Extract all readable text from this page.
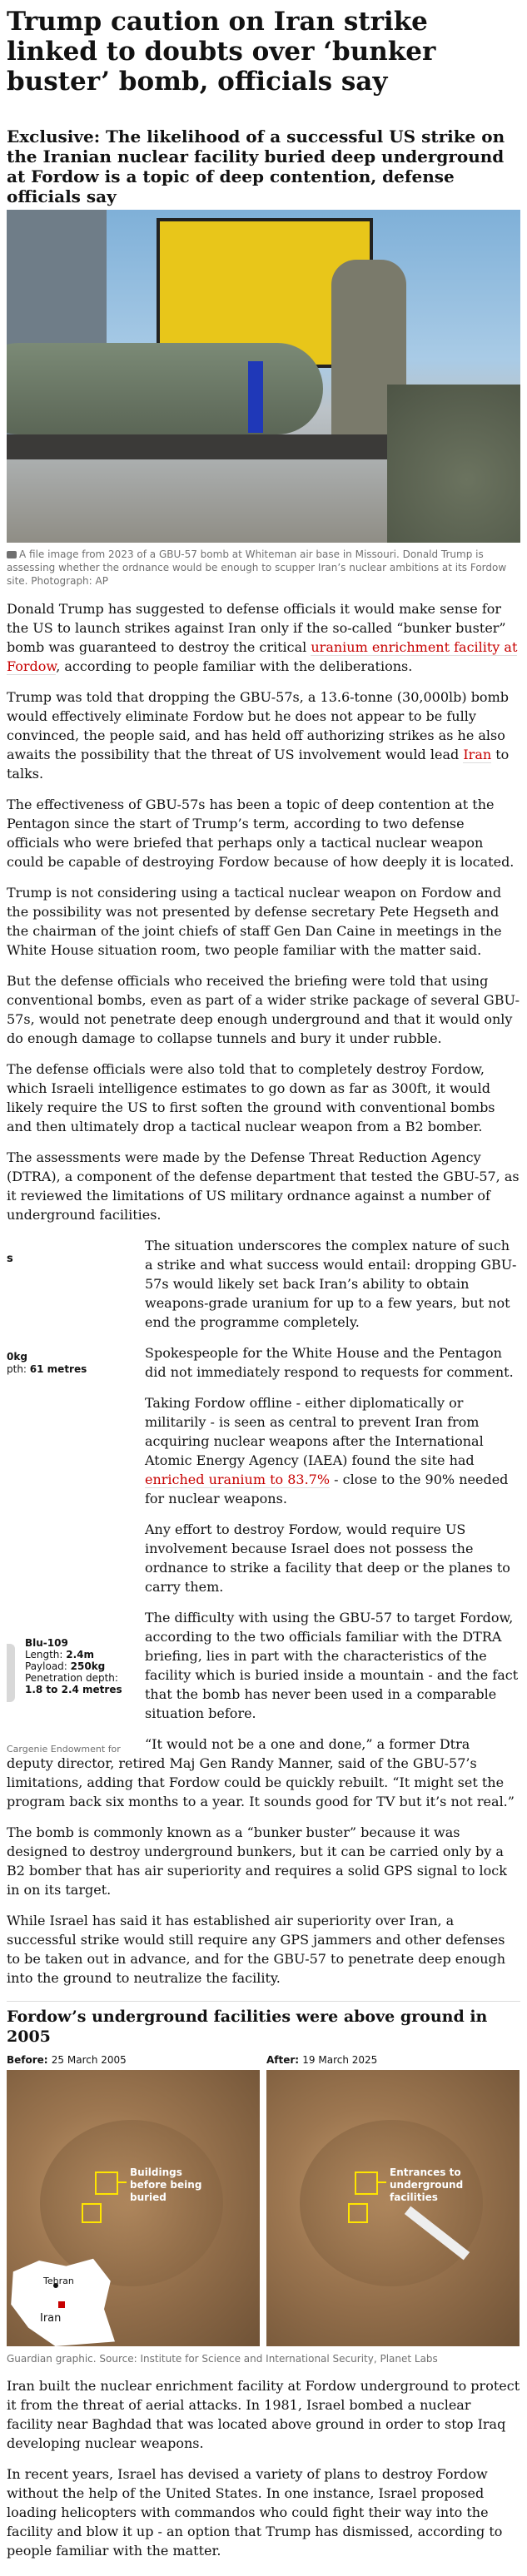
Trump caution on Iran strike linked to doubts over ‘bunker buster’ bomb, officials say
Exclusive: The likelihood of a successful US strike on the Iranian nuclear facility buried deep underground at Fordow is a topic of deep contention, defense officials say

A file image from 2023 of a GBU-57 bomb at Whiteman air base in Missouri. Donald Trump is assessing whether the ordnance would be enough to scupper Iran’s nuclear ambitions at its Fordow site. Photograph: AP

Donald Trump has suggested to defense officials it would make sense for the US to launch strikes against Iran only if the so-called “bunker buster” bomb was guaranteed to destroy the critical uranium enrichment facility at Fordow, according to people familiar with the deliberations.

Trump was told that dropping the GBU-57s, a 13.6-tonne (30,000lb) bomb would effectively eliminate Fordow but he does not appear to be fully convinced, the people said, and has held off authorizing strikes as he also awaits the possibility that the threat of US involvement would lead Iran to talks.

The effectiveness of GBU-57s has been a topic of deep contention at the Pentagon since the start of Trump’s term, according to two defense officials who were briefed that perhaps only a tactical nuclear weapon could be capable of destroying Fordow because of how deeply it is located.

Trump is not considering using a tactical nuclear weapon on Fordow and the possibility was not presented by defense secretary Pete Hegseth and the chairman of the joint chiefs of staff Gen Dan Caine in meetings in the White House situation room, two people familiar with the matter said.

But the defense officials who received the briefing were told that using conventional bombs, even as part of a wider strike package of several GBU-57s, would not penetrate deep enough underground and that it would only do enough damage to collapse tunnels and bury it under rubble.

The defense officials were also told that to completely destroy Fordow, which Israeli intelligence estimates to go down as far as 300ft, it would likely require the US to first soften the ground with conventional bombs and then ultimately drop a tactical nuclear weapon from a B2 bomber.

The assessments were made by the Defense Threat Reduction Agency (DTRA), a component of the defense department that tested the GBU-57, as it reviewed the limitations of US military ordnance against a number of underground facilities.

s
0kg
pth: 61 metres
Blu-109
Length: 2.4m
Payload: 250kg
Penetration depth:
1.8 to 2.4 metres
Cargenie Endowment for

The situation underscores the complex nature of such a strike and what success would entail: dropping GBU-57s would likely set back Iran’s ability to obtain weapons-grade uranium for up to a few years, but not end the programme completely.

Spokespeople for the White House and the Pentagon did not immediately respond to requests for comment.

Taking Fordow offline - either diplomatically or militarily - is seen as central to prevent Iran from acquiring nuclear weapons after the International Atomic Energy Agency (IAEA) found the site had enriched uranium to 83.7% - close to the 90% needed for nuclear weapons.

Any effort to destroy Fordow, would require US involvement because Israel does not possess the ordnance to strike a facility that deep or the planes to carry them.

The difficulty with using the GBU-57 to target Fordow, according to the two officials familiar with the DTRA briefing, lies in part with the characteristics of the facility which is buried inside a mountain - and the fact that the bomb has never been used in a comparable situation before.

“It would not be a one and done,” a former Dtra deputy director, retired Maj Gen Randy Manner, said of the GBU-57’s limitations, adding that Fordow could be quickly rebuilt. “It might set the program back six months to a year. It sounds good for TV but it’s not real.”

The bomb is commonly known as a “bunker buster” because it was designed to destroy underground bunkers, but it can be carried only by a B2 bomber that has air superiority and requires a solid GPS signal to lock in on its target.

While Israel has said it has established air superiority over Iran, a successful strike would still require any GPS jammers and other defenses to be taken out in advance, and for the GBU-57 to penetrate deep enough into the ground to neutralize the facility.

Fordow’s underground facilities were above ground in 2005
Before: 25 March 2005
Buildings before being buried
Tehran
Iran
After: 19 March 2025
Entrances to underground facilities
Guardian graphic. Source: Institute for Science and International Security, Planet Labs

Iran built the nuclear enrichment facility at Fordow underground to protect it from the threat of aerial attacks. In 1981, Israel bombed a nuclear facility near Baghdad that was located above ground in order to stop Iraq developing nuclear weapons.

In recent years, Israel has devised a variety of plans to destroy Fordow without the help of the United States. In one instance, Israel proposed loading helicopters with commandos who could fight their way into the facility and blow it up - an option that Trump has dismissed, according to people familiar with the matter.
